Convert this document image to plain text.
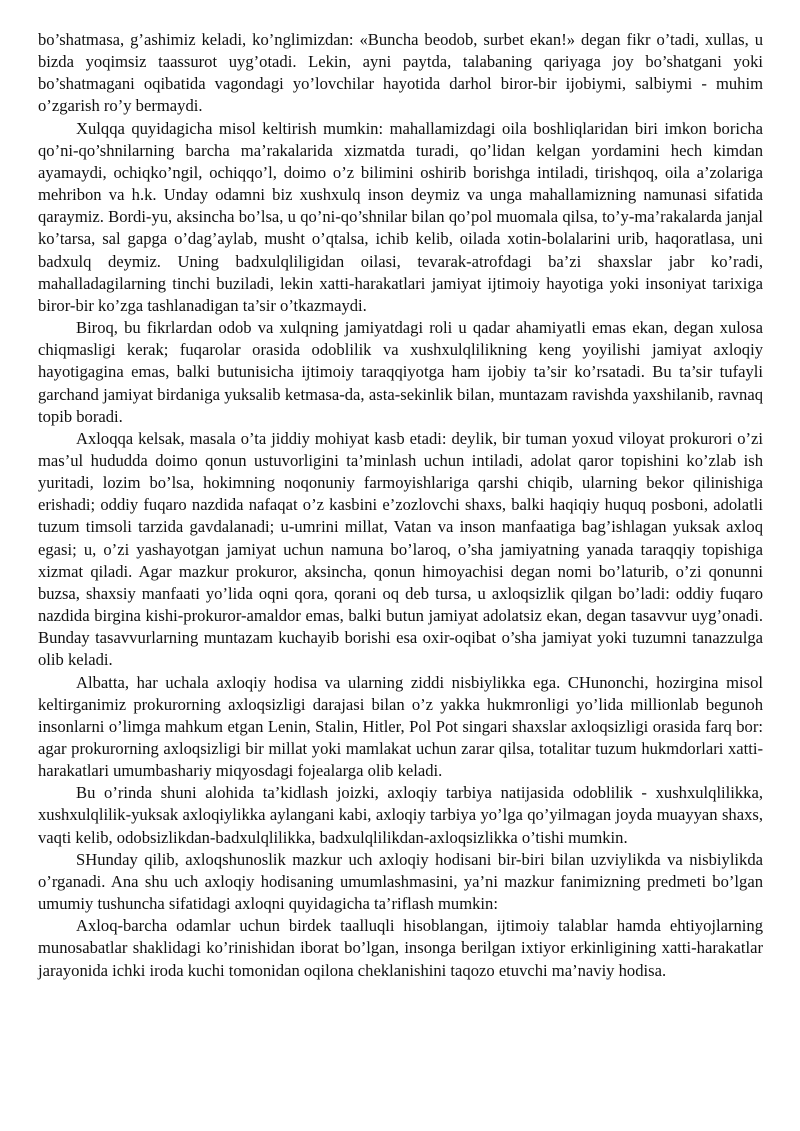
bo’shatmasa, g’ashimiz keladi, ko’nglimizdan: «Buncha beodob, surbet ekan!» degan fikr o’tadi, xullas, u bizda yoqimsiz taassurot uyg’otadi. Lekin, ayni paytda, talabaning qariyaga joy bo’shatgani yoki bo’shatmagani oqibatida vagondagi yo’lovchilar hayotida darhol biror-bir ijobiymi, salbiymi - muhim o’zgarish ro’y bermaydi.

Xulqqa quyidagicha misol keltirish mumkin: mahallamizdagi oila boshliqlaridan biri imkon boricha qo’ni-qo’shnilarning barcha ma’rakalarida xizmatda turadi, qo’lidan kelgan yordamini hech kimdan ayamaydi, ochiqko’ngil, ochiqqo’l, doimo o’z bilimini oshirib borishga intiladi, tirishqoq, oila a’zolariga mehribon va h.k. Unday odamni biz xushxulq inson deymiz va unga mahallamizning namunasi sifatida qaraymiz. Bordi-yu, aksincha bo’lsa, u qo’ni-qo’shnilar bilan qo’pol muomala qilsa, to’y-ma’rakalarda janjal ko’tarsa, sal gapga o’dag’aylab, musht o’qtalsa, ichib kelib, oilada xotin-bolalarini urib, haqoratlasa, uni badxulq deymiz. Uning badxulqliligidan oilasi, tevarak-atrofdagi ba’zi shaxslar jabr ko’radi, mahalladagilarning tinchi buziladi, lekin xatti-harakatlari jamiyat ijtimoiy hayotiga yoki insoniyat tarixiga biror-bir ko’zga tashlanadigan ta’sir o’tkazmaydi.

Biroq, bu fikrlardan odob va xulqning jamiyatdagi roli u qadar ahamiyatli emas ekan, degan xulosa chiqmasligi kerak; fuqarolar orasida odoblilik va xushxulqlilikning keng yoyilishi jamiyat axloqiy hayotigagina emas, balki butunisicha ijtimoiy taraqqiyotga ham ijobiy ta’sir ko’rsatadi. Bu ta’sir tufayli garchand jamiyat birdaniga yuksalib ketmasa-da, asta-sekinlik bilan, muntazam ravishda yaxshilanib, ravnaq topib boradi.

Axloqqa kelsak, masala o’ta jiddiy mohiyat kasb etadi: deylik, bir tuman yoxud viloyat prokurori o’zi mas’ul hududda doimo qonun ustuvorligini ta’minlash uchun intiladi, adolat qaror topishini ko’zlab ish yuritadi, lozim bo’lsa, hokimning noqonuniy farmoyishlariga qarshi chiqib, ularning bekor qilinishiga erishadi; oddiy fuqaro nazdida nafaqat o’z kasbini e’zozlovchi shaxs, balki haqiqiy huquq posboni, adolatli tuzum timsoli tarzida gavdalanadi; u-umrini millat, Vatan va inson manfaatiga bag’ishlagan yuksak axloq egasi; u, o’zi yashayotgan jamiyat uchun namuna bo’laroq, o’sha jamiyatning yanada taraqqiy topishiga xizmat qiladi. Agar mazkur prokuror, aksincha, qonun himoyachisi degan nomi bo’laturib, o’zi qonunni buzsa, shaxsiy manfaati yo’lida oqni qora, qorani oq deb tursa, u axloqsizlik qilgan bo’ladi: oddiy fuqaro nazdida birgina kishi-prokuror-amaldor emas, balki butun jamiyat adolatsiz ekan, degan tasavvur uyg’onadi. Bunday tasavvurlarning muntazam kuchayib borishi esa oxir-oqibat o’sha jamiyat yoki tuzumni tanazzulga olib keladi.

Albatta, har uchala axloqiy hodisa va ularning ziddi nisbiylikka ega. CHunonchi, hozirgina misol keltirganimiz prokurorning axloqsizligi darajasi bilan o’z yakka hukmronligi yo’lida millionlab begunoh insonlarni o’limga mahkum etgan Lenin, Stalin, Hitler, Pol Pot singari shaxslar axloqsizligi orasida farq bor: agar prokurorning axloqsizligi bir millat yoki mamlakat uchun zarar qilsa, totalitar tuzum hukmdorlari xatti-harakatlari umumbashariy miqyosdagi fojealarga olib keladi.

Bu o’rinda shuni alohida ta’kidlash joizki, axloqiy tarbiya natijasida odoblilik - xushxulqlilikka, xushxulqlilik-yuksak axloqiylikka aylangani kabi, axloqiy tarbiya yo’lga qo’yilmagan joyda muayyan shaxs, vaqti kelib, odobsizlikdan-badxulqlilikka, badxulqlilikdan-axloqsizlikka o’tishi mumkin.

SHunday qilib, axloqshunoslik mazkur uch axloqiy hodisani bir-biri bilan uzviylikda va nisbiylikda o’rganadi. Ana shu uch axloqiy hodisaning umumlashmasini, ya’ni mazkur fanimizning predmeti bo’lgan umumiy tushuncha sifatidagi axloqni quyidagicha ta’riflash mumkin:

Axloq-barcha odamlar uchun birdek taalluqli hisoblangan, ijtimoiy talablar hamda ehtiyojlarning munosabatlar shaklidagi ko’rinishidan iborat bo’lgan, insonga berilgan ixtiyor erkinligining xatti-harakatlar jarayonida ichki iroda kuchi tomonidan oqilona cheklanishini taqozo etuvchi ma’naviy hodisa.
